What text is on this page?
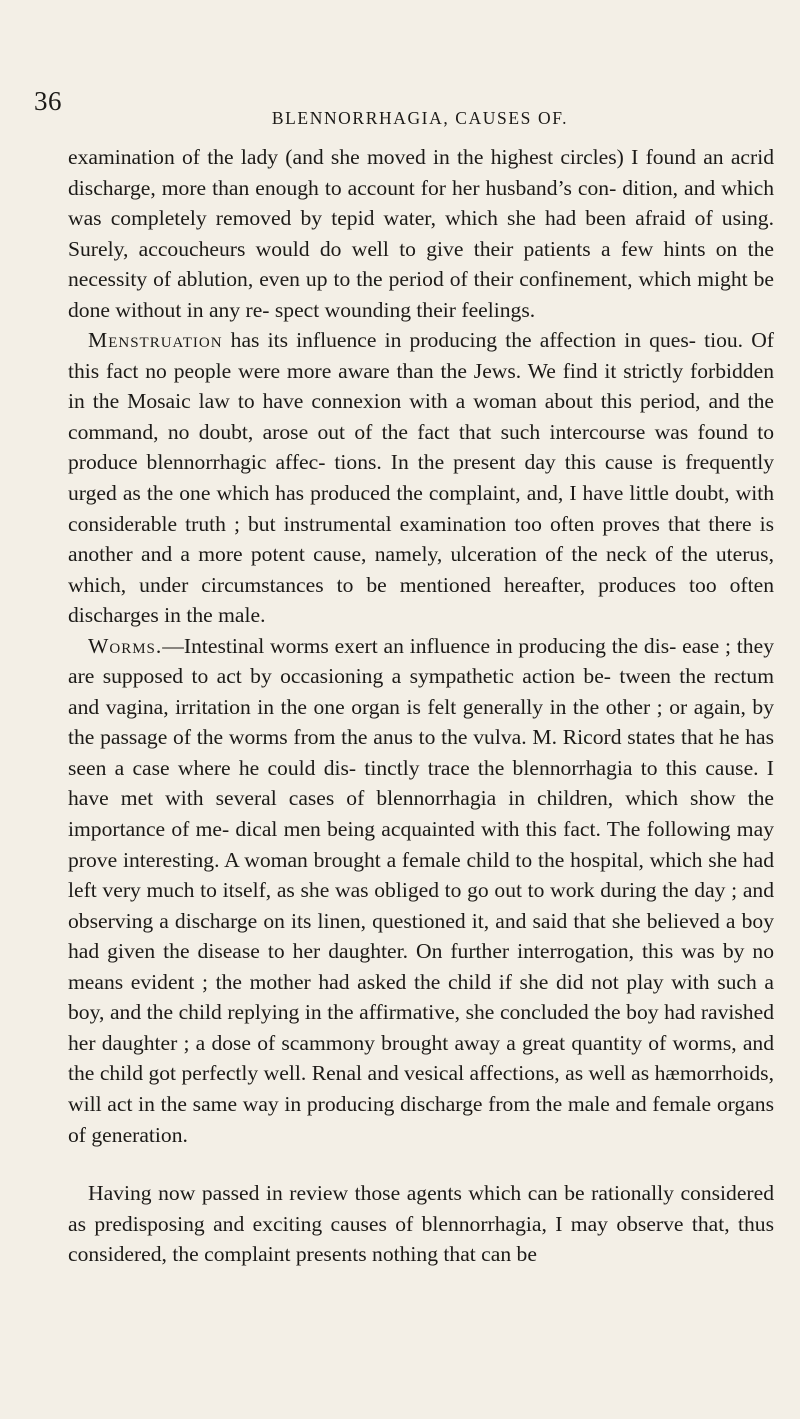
36
BLENNORRHAGIA, CAUSES OF.

examination of the lady (and she moved in the highest circles) I found an acrid discharge, more than enough to account for her husband’s con- dition, and which was completely removed by tepid water, which she had been afraid of using. Surely, accoucheurs would do well to give their patients a few hints on the necessity of ablution, even up to the period of their confinement, which might be done without in any re- spect wounding their feelings.

Menstruation has its influence in producing the affection in ques- tiou. Of this fact no people were more aware than the Jews. We find it strictly forbidden in the Mosaic law to have connexion with a woman about this period, and the command, no doubt, arose out of the fact that such intercourse was found to produce blennorrhagic affec- tions. In the present day this cause is frequently urged as the one which has produced the complaint, and, I have little doubt, with considerable truth ; but instrumental examination too often proves that there is another and a more potent cause, namely, ulceration of the neck of the uterus, which, under circumstances to be mentioned hereafter, produces too often discharges in the male.

Worms.—Intestinal worms exert an influence in producing the dis- ease ; they are supposed to act by occasioning a sympathetic action be- tween the rectum and vagina, irritation in the one organ is felt generally in the other ; or again, by the passage of the worms from the anus to the vulva. M. Ricord states that he has seen a case where he could dis- tinctly trace the blennorrhagia to this cause. I have met with several cases of blennorrhagia in children, which show the importance of me- dical men being acquainted with this fact. The following may prove interesting. A woman brought a female child to the hospital, which she had left very much to itself, as she was obliged to go out to work during the day ; and observing a discharge on its linen, questioned it, and said that she believed a boy had given the disease to her daughter. On further interrogation, this was by no means evident ; the mother had asked the child if she did not play with such a boy, and the child replying in the affirmative, she concluded the boy had ravished her daughter ; a dose of scammony brought away a great quantity of worms, and the child got perfectly well. Renal and vesical affections, as well as hæmorrhoids, will act in the same way in producing discharge from the male and female organs of generation.

Having now passed in review those agents which can be rationally considered as predisposing and exciting causes of blennorrhagia, I may observe that, thus considered, the complaint presents nothing that can be
